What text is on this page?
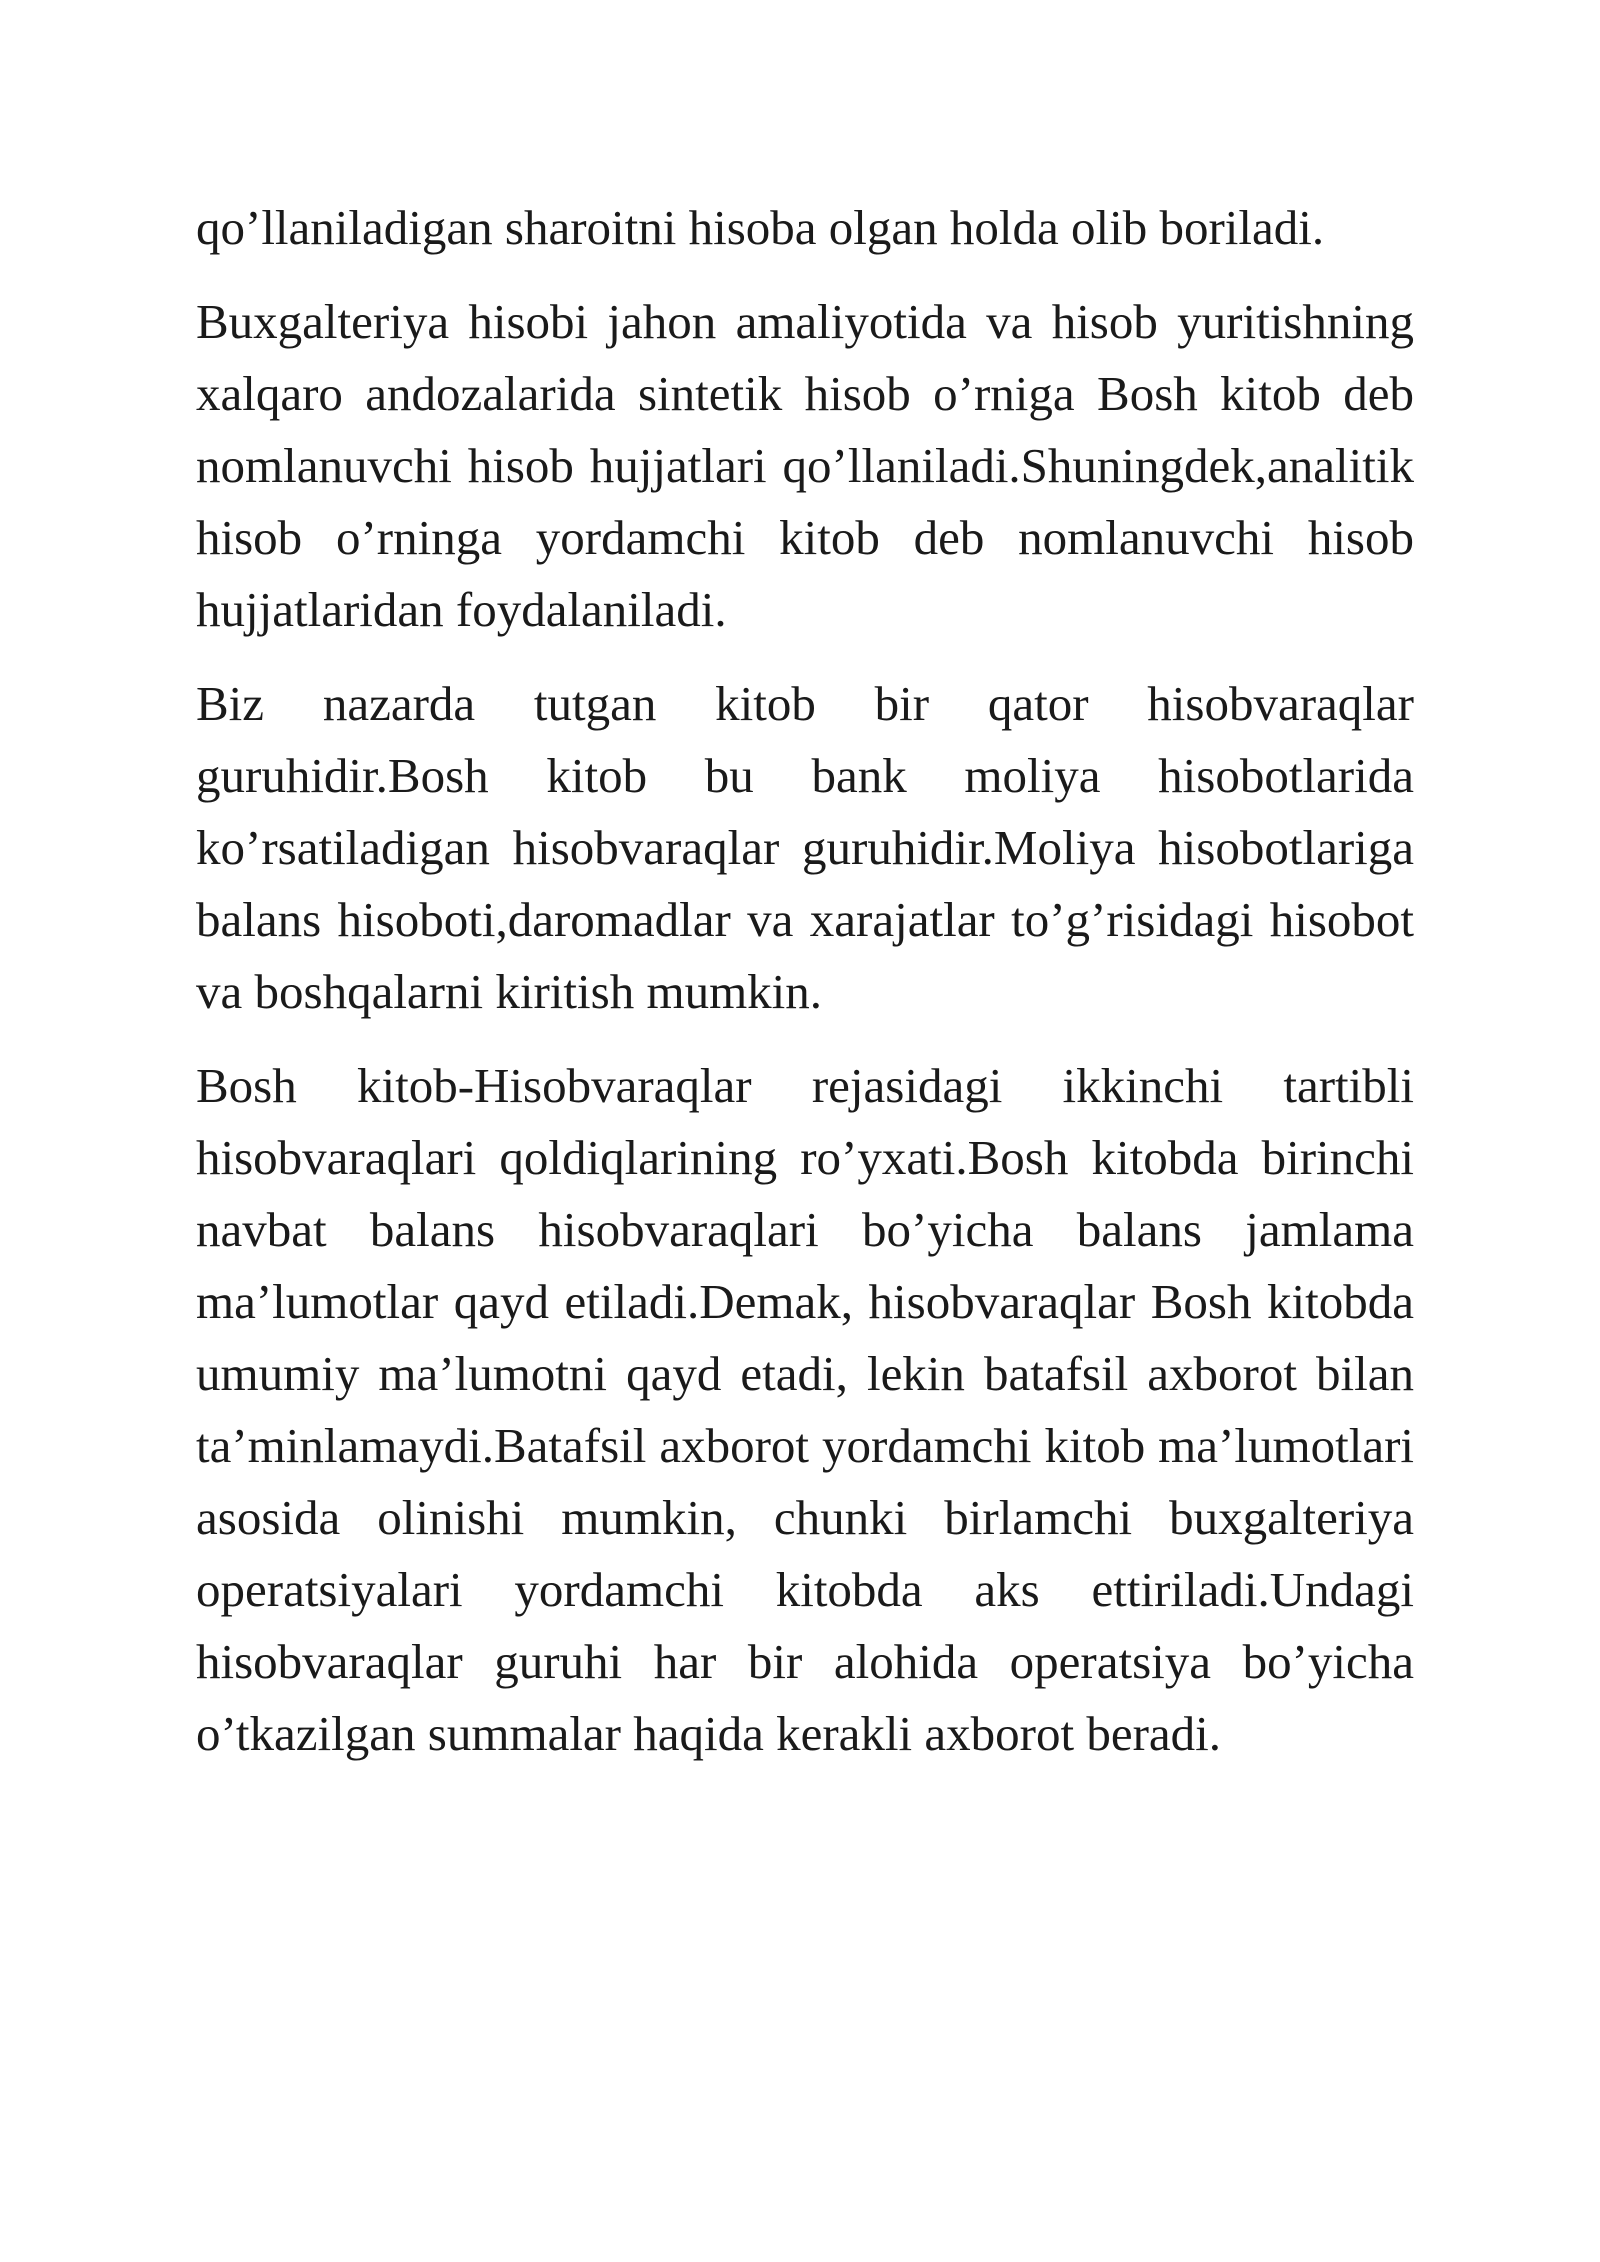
qo’llaniladigan sharoitni hisoba olgan holda olib boriladi.

Buxgalteriya hisobi jahon amaliyotida va hisob yuritishning xalqaro andozalarida sintetik hisob o’rniga Bosh kitob deb nomlanuvchi hisob hujjatlari qo’llaniladi.Shuningdek,analitik hisob o’rninga yordamchi kitob deb nomlanuvchi hisob hujjatlaridan foydalaniladi.

Biz nazarda tutgan kitob bir qator hisobvaraqlar guruhidir.Bosh kitob bu bank moliya hisobotlarida ko’rsatiladigan hisobvaraqlar guruhidir.Moliya hisobotlariga balans hisoboti,daromadlar va xarajatlar to’g’risidagi hisobot va boshqalarni kiritish mumkin.

Bosh kitob-Hisobvaraqlar rejasidagi ikkinchi tartibli hisobvaraqlari qoldiqlarining ro’yxati.Bosh kitobda birinchi navbat balans hisobvaraqlari bo’yicha balans jamlama ma’lumotlar qayd etiladi.Demak, hisobvaraqlar Bosh kitobda umumiy ma’lumotni qayd etadi, lekin batafsil axborot bilan ta’minlamaydi.Batafsil axborot yordamchi kitob ma’lumotlari asosida olinishi mumkin, chunki birlamchi buxgalteriya operatsiyalari yordamchi kitobda aks ettiriladi.Undagi hisobvaraqlar guruhi har bir alohida operatsiya bo’yicha o’tkazilgan summalar haqida kerakli axborot beradi.
